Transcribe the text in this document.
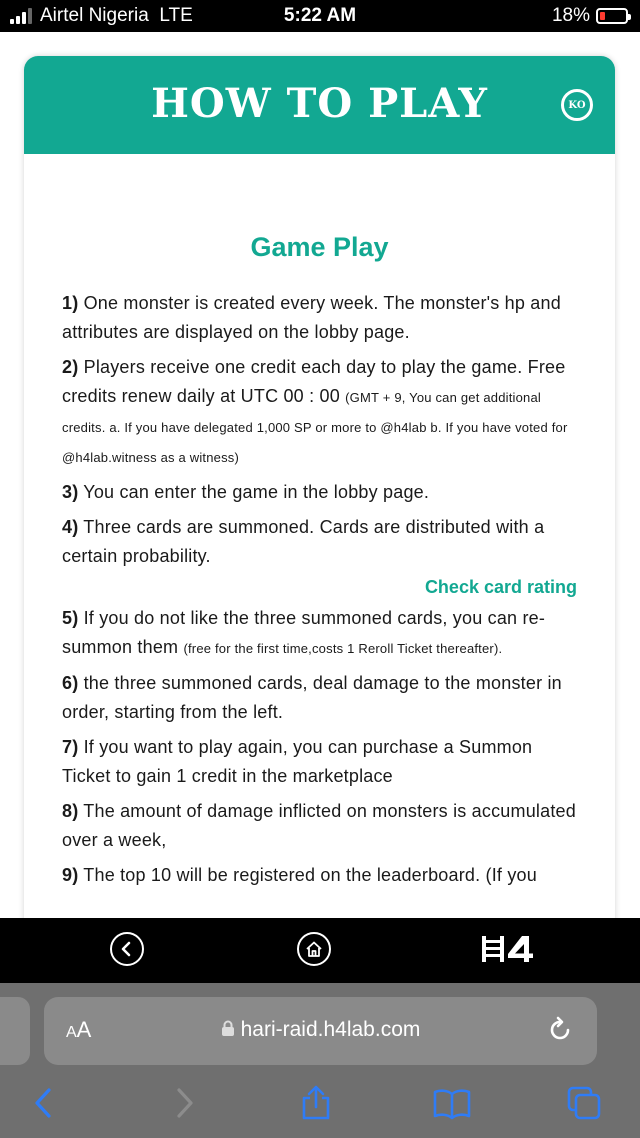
Airtel Nigeria
LTE	5:22 AM	18%
HOW TO PLAY	KO
Game Play
1) One monster is created every week. The monster's hp and attributes are displayed on the lobby page.
2) Players receive one credit each day to play the game. Free credits renew daily at UTC 00 : 00 (GMT + 9, You can get additional credits. a. If you have delegated 1,000 SP or more to @h4lab b. If you have voted for @h4lab.witness as a witness)
3) You can enter the game in the lobby page.
4) Three cards are summoned. Cards are distributed with a certain probability.
Check card rating
5) If you do not like the three summoned cards, you can re-summon them (free for the first time,costs 1 Reroll Ticket thereafter).
6) the three summoned cards, deal damage to the monster in order, starting from the left.
7) If you want to play again, you can purchase a Summon Ticket to gain 1 credit in the marketplace
8) The amount of damage inflicted on monsters is accumulated over a week,
9) The top 10 will be registered on the leaderboard. (If you
AA	hari-raid.h4lab.com
